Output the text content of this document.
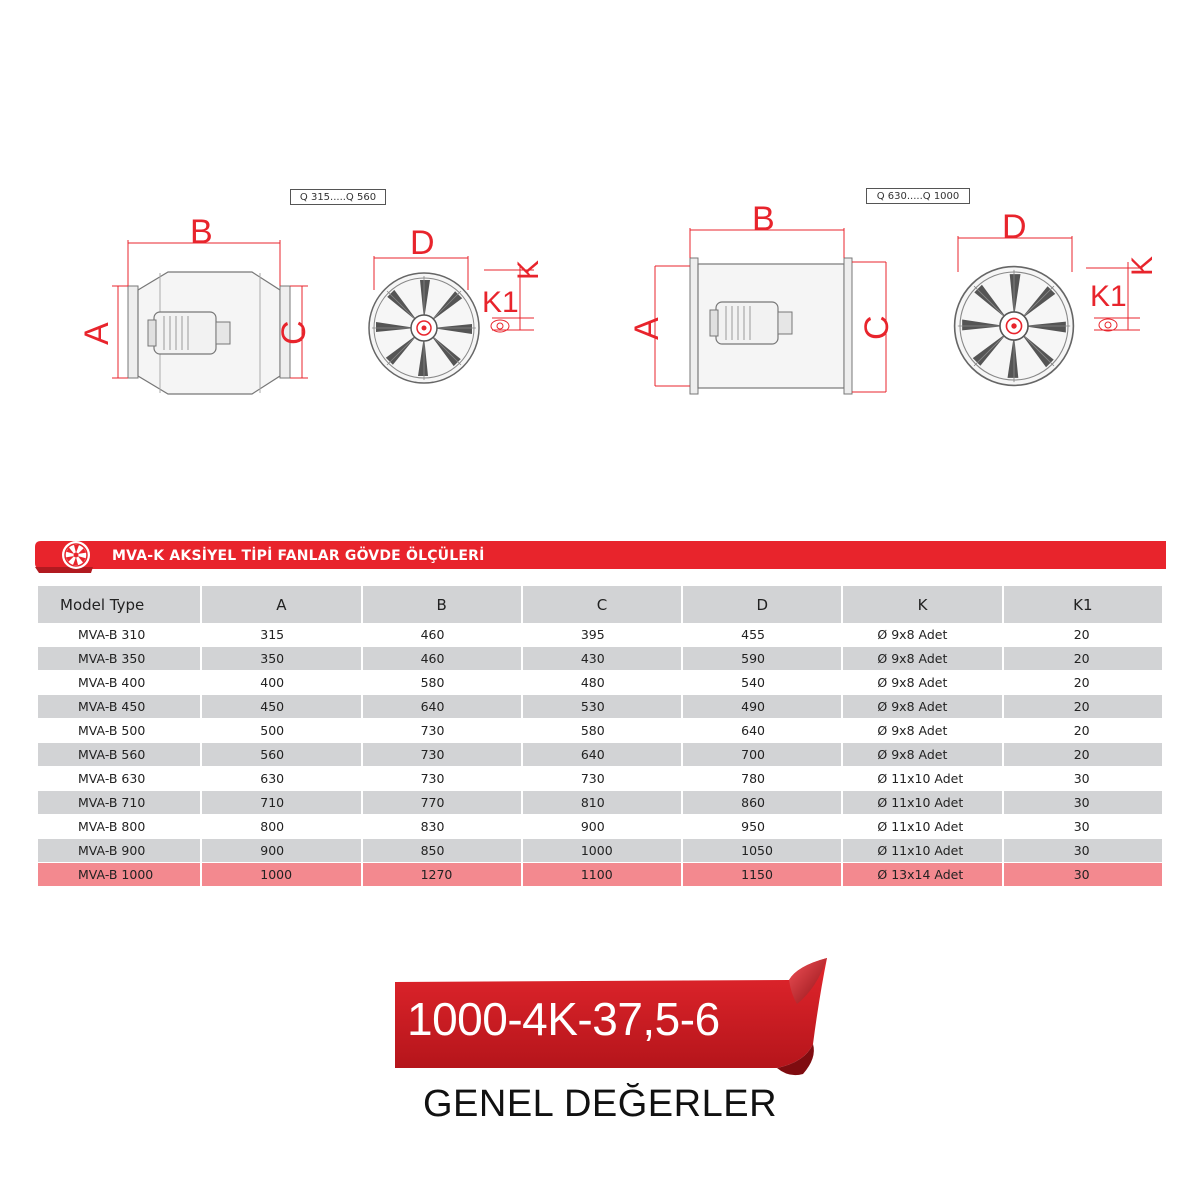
Q 315.....Q 560	Q 630.....Q 1000
B
A	C
D
K1
K
B
A	C
D
K1
K
MVA-K AKSİYEL TİPİ FANLAR GÖVDE ÖLÇÜLERİ
Model Type	A	B	C	D	K	K1
MVA-B 310	315	460	395	455	Ø 9x8 Adet	20
MVA-B 350	350	460	430	590	Ø 9x8 Adet	20
MVA-B 400	400	580	480	540	Ø 9x8 Adet	20
MVA-B 450	450	640	530	490	Ø 9x8 Adet	20
MVA-B 500	500	730	580	640	Ø 9x8 Adet	20
MVA-B 560	560	730	640	700	Ø 9x8 Adet	20
MVA-B 630	630	730	730	780	Ø 11x10 Adet	30
MVA-B 710	710	770	810	860	Ø 11x10 Adet	30
MVA-B 800	800	830	900	950	Ø 11x10 Adet	30
MVA-B 900	900	850	1000	1050	Ø 11x10 Adet	30
MVA-B 1000	1000	1270	1100	1150	Ø 13x14 Adet	30
1000-4K-37,5-6
GENEL DEĞERLER
